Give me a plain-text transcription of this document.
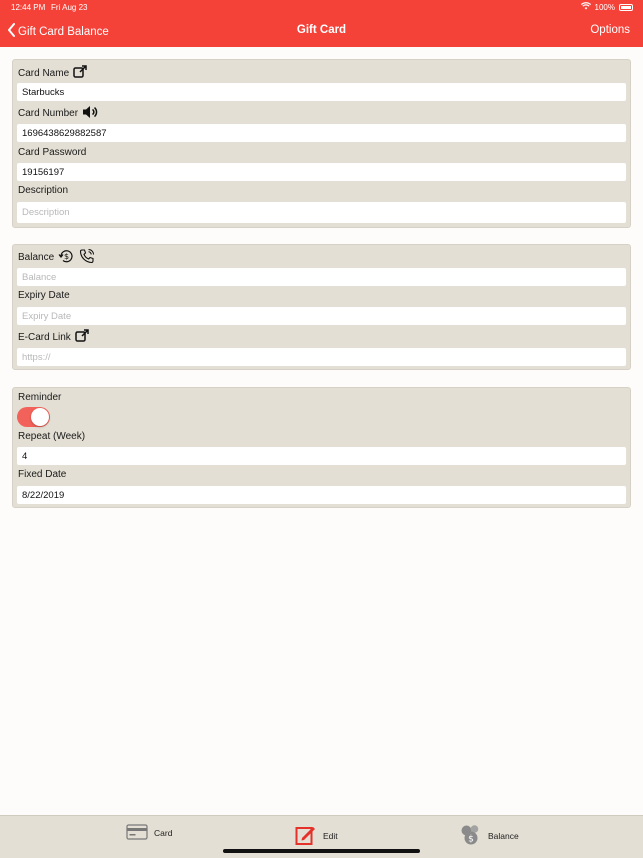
12:44 PM Fri Aug 23	100%
Gift Card Balance	Gift Card	Options
Card Name
Starbucks
Card Number
1696438629882587
Card Password
19156197
Description
Description
Balance $
Balance
Expiry Date
Expiry Date
E-Card Link
https://
Reminder
Repeat (Week)
4
Fixed Date
8/22/2019
Card	Edit	$ Balance
